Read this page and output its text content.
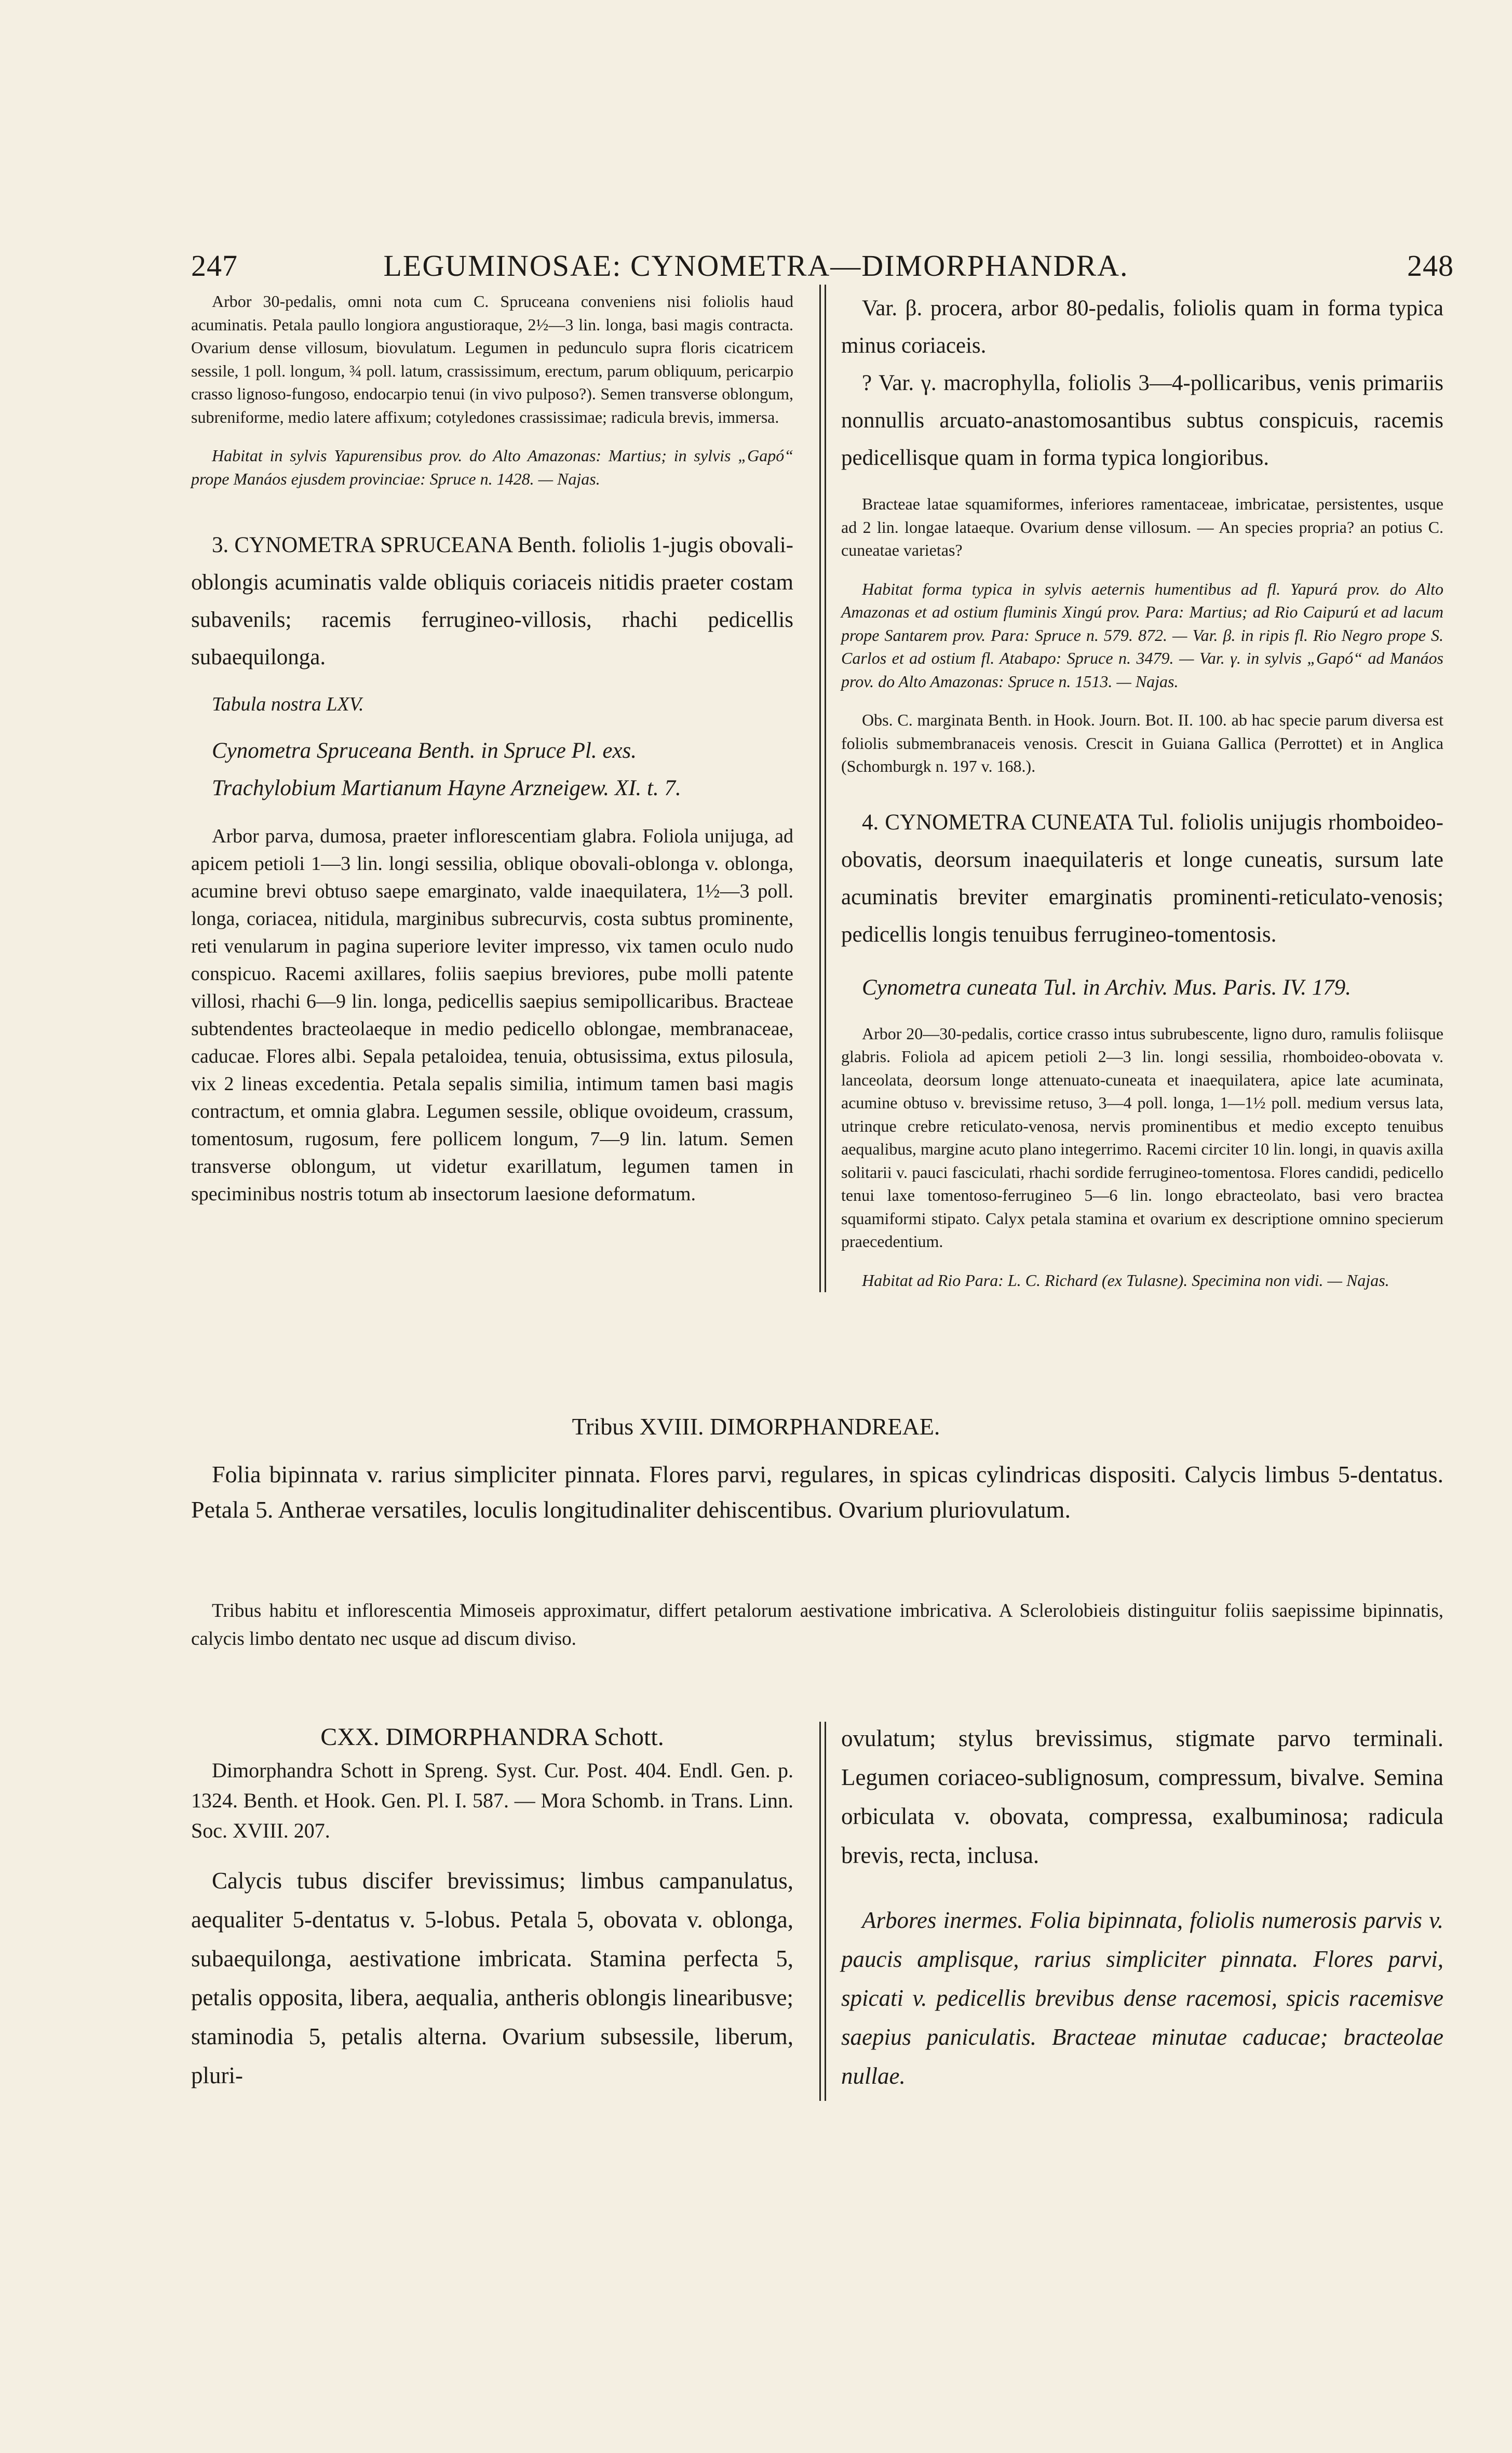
247	LEGUMINOSAE: CYNOMETRA—DIMORPHANDRA.	248

Arbor 30-pedalis, omni nota cum C. Spruceana conveniens nisi foliolis haud acuminatis. Petala paullo longiora angustioraque, 2½—3 lin. longa, basi magis contracta. Ovarium dense villosum, biovulatum. Legumen in pedunculo supra floris cicatricem sessile, 1 poll. longum, ¾ poll. latum, crassissimum, erectum, parum obliquum, pericarpio crasso lignoso-fungoso, endocarpio tenui (in vivo pulposo?). Semen transverse oblongum, subreniforme, medio latere affixum; cotyledones crassissimae; radicula brevis, immersa.

Habitat in sylvis Yapurensibus prov. do Alto Amazonas: Martius; in sylvis „Gapó“ prope Manáos ejusdem provinciae: Spruce n. 1428. — Najas.

3. CYNOMETRA SPRUCEANA Benth. foliolis 1-jugis obovali-oblongis acuminatis valde obliquis coriaceis nitidis praeter costam subavenils; racemis ferrugineo-villosis, rhachi pedicellis subaequilonga.

Tabula nostra LXV.

Cynometra Spruceana Benth. in Spruce Pl. exs.

Trachylobium Martianum Hayne Arzneigew. XI. t. 7.

Arbor parva, dumosa, praeter inflorescentiam glabra. Foliola unijuga, ad apicem petioli 1—3 lin. longi sessilia, oblique obovali-oblonga v. oblonga, acumine brevi obtuso saepe emarginato, valde inaequilatera, 1½—3 poll. longa, coriacea, nitidula, marginibus subrecurvis, costa subtus prominente, reti venularum in pagina superiore leviter impresso, vix tamen oculo nudo conspicuo. Racemi axillares, foliis saepius breviores, pube molli patente villosi, rhachi 6—9 lin. longa, pedicellis saepius semipollicaribus. Bracteae subtendentes bracteolaeque in medio pedicello oblongae, membranaceae, caducae. Flores albi. Sepala petaloidea, tenuia, obtusissima, extus pilosula, vix 2 lineas excedentia. Petala sepalis similia, intimum tamen basi magis contractum, et omnia glabra. Legumen sessile, oblique ovoideum, crassum, tomentosum, rugosum, fere pollicem longum, 7—9 lin. latum. Semen transverse oblongum, ut videtur exarillatum, legumen tamen in speciminibus nostris totum ab insectorum laesione deformatum.

Var. β. procera, arbor 80-pedalis, foliolis quam in forma typica minus coriaceis.

? Var. γ. macrophylla, foliolis 3—4-pollicaribus, venis primariis nonnullis arcuato-anastomosantibus subtus conspicuis, racemis pedicellisque quam in forma typica longioribus.

Bracteae latae squamiformes, inferiores ramentaceae, imbricatae, persistentes, usque ad 2 lin. longae lataeque. Ovarium dense villosum. — An species propria? an potius C. cuneatae varietas?

Habitat forma typica in sylvis aeternis humentibus ad fl. Yapurá prov. do Alto Amazonas et ad ostium fluminis Xingú prov. Para: Martius; ad Rio Caipurú et ad lacum prope Santarem prov. Para: Spruce n. 579. 872. — Var. β. in ripis fl. Rio Negro prope S. Carlos et ad ostium fl. Atabapo: Spruce n. 3479. — Var. γ. in sylvis „Gapó“ ad Manáos prov. do Alto Amazonas: Spruce n. 1513. — Najas.

Obs. C. marginata Benth. in Hook. Journ. Bot. II. 100. ab hac specie parum diversa est foliolis submembranaceis venosis. Crescit in Guiana Gallica (Perrottet) et in Anglica (Schomburgk n. 197 v. 168.).

4. CYNOMETRA CUNEATA Tul. foliolis unijugis rhomboideo-obovatis, deorsum inaequilateris et longe cuneatis, sursum late acuminatis breviter emarginatis prominenti-reticulato-venosis; pedicellis longis tenuibus ferrugineo-tomentosis.

Cynometra cuneata Tul. in Archiv. Mus. Paris. IV. 179.

Arbor 20—30-pedalis, cortice crasso intus subrubescente, ligno duro, ramulis foliisque glabris. Foliola ad apicem petioli 2—3 lin. longi sessilia, rhomboideo-obovata v. lanceolata, deorsum longe attenuato-cuneata et inaequilatera, apice late acuminata, acumine obtuso v. brevissime retuso, 3—4 poll. longa, 1—1½ poll. medium versus lata, utrinque crebre reticulato-venosa, nervis prominentibus et medio excepto tenuibus aequalibus, margine acuto plano integerrimo. Racemi circiter 10 lin. longi, in quavis axilla solitarii v. pauci fasciculati, rhachi sordide ferrugineo-tomentosa. Flores candidi, pedicello tenui laxe tomentoso-ferrugineo 5—6 lin. longo ebracteolato, basi vero bractea squamiformi stipato. Calyx petala stamina et ovarium ex descriptione omnino specierum praecedentium.

Habitat ad Rio Para: L. C. Richard (ex Tulasne). Specimina non vidi. — Najas.

Tribus XVIII. DIMORPHANDREAE.

Folia bipinnata v. rarius simpliciter pinnata. Flores parvi, regulares, in spicas cylindricas dispositi. Calycis limbus 5-dentatus. Petala 5. Antherae versatiles, loculis longitudinaliter dehiscentibus. Ovarium pluriovulatum.

Tribus habitu et inflorescentia Mimoseis approximatur, differt petalorum aestivatione imbricativa. A Sclerolobieis distinguitur foliis saepissime bipinnatis, calycis limbo dentato nec usque ad discum diviso.

CXX. DIMORPHANDRA Schott.

Dimorphandra Schott in Spreng. Syst. Cur. Post. 404. Endl. Gen. p. 1324. Benth. et Hook. Gen. Pl. I. 587. — Mora Schomb. in Trans. Linn. Soc. XVIII. 207.

Calycis tubus discifer brevissimus; limbus campanulatus, aequaliter 5-dentatus v. 5-lobus. Petala 5, obovata v. oblonga, subaequilonga, aestivatione imbricata. Stamina perfecta 5, petalis opposita, libera, aequalia, antheris oblongis linearibusve; staminodia 5, petalis alterna. Ovarium subsessile, liberum, pluri-

ovulatum; stylus brevissimus, stigmate parvo terminali. Legumen coriaceo-sublignosum, compressum, bivalve. Semina orbiculata v. obovata, compressa, exalbuminosa; radicula brevis, recta, inclusa.

Arbores inermes. Folia bipinnata, foliolis numerosis parvis v. paucis amplisque, rarius simpliciter pinnata. Flores parvi, spicati v. pedicellis brevibus dense racemosi, spicis racemisve saepius paniculatis. Bracteae minutae caducae; bracteolae nullae.
